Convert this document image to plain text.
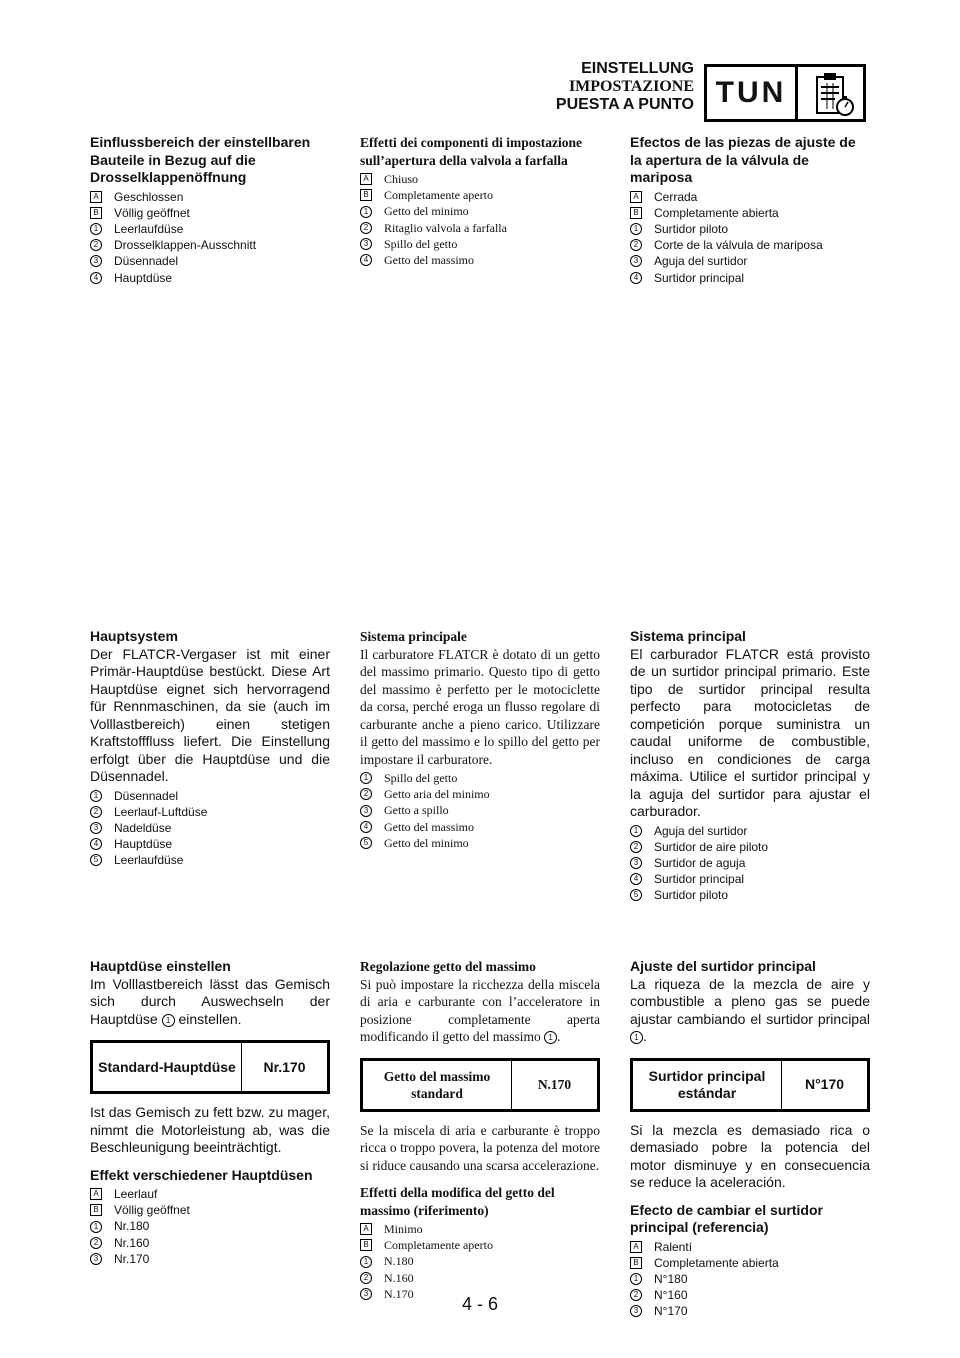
EINSTELLUNG
IMPOSTAZIONE
PUESTA A PUNTO TUN

Einflussbereich der einstellbaren Bauteile in Bezug auf die Drosselklappenöffnung

A Geschlossen
B Völlig geöffnet
1	Leerlaufdüse
2	Drosselklappen-Ausschnitt
3	Düsennadel
4	Hauptdüse

Hauptsystem

Der FLATCR-Vergaser ist mit einer Primär-Hauptdüse bestückt. Diese Art Hauptdüse eignet sich hervorragend für Rennmaschinen, da sie (auch im Volllastbereich) einen stetigen Kraftstofffluss liefert. Die Einstellung erfolgt über die Hauptdüse und die Düsennadel.

1	Düsennadel
2	Leerlauf-Luftdüse
3	Nadeldüse
4	Hauptdüse
5	Leerlaufdüse

Hauptdüse einstellen

Im Volllastbereich lässt das Gemisch sich durch Auswechseln der Hauptdüse 1 einstellen.

Standard-Hauptdüse	Nr.170

Ist das Gemisch zu fett bzw. zu mager, nimmt die Motorleistung ab, was die Beschleunigung beeinträchtigt.

Effekt verschiedener Hauptdüsen

A Leerlauf
B Völlig geöffnet
1	Nr.180
2	Nr.160
3	Nr.170

Effetti dei componenti di impostazione sull’apertura della valvola a farfalla

A Chiuso
B Completamente aperto
1	Getto del minimo
2	Ritaglio valvola a farfalla
3	Spillo del getto
4	Getto del massimo

Sistema principale

Il carburatore FLATCR è dotato di un getto del massimo primario. Questo tipo di getto del massimo è perfetto per le motociclette da corsa, perché eroga un flusso regolare di carburante anche a pieno carico. Utilizzare il getto del massimo e lo spillo del getto per impostare il carburatore.

1	Spillo del getto
2	Getto aria del minimo
3	Getto a spillo
4	Getto del massimo
5	Getto del minimo

Regolazione getto del massimo

Si può impostare la ricchezza della miscela di aria e carburante con l’acceleratore in posizione completamente aperta modificando il getto del massimo 1 .

Getto del massimo standard	N.170

Se la miscela di aria e carburante è troppo ricca o troppo povera, la potenza del motore si riduce causando una scarsa accelerazione.

Effetti della modifica del getto del massimo (riferimento)

A Minimo
B Completamente aperto
1	N.180
2	N.160
3	N.170

Efectos de las piezas de ajuste de la apertura de la válvula de mariposa

A Cerrada
B Completamente abierta
1	Surtidor piloto
2	Corte de la válvula de mariposa
3	Aguja del surtidor
4	Surtidor principal

Sistema principal

El carburador FLATCR está provisto de un surtidor principal primario. Este tipo de surtidor principal resulta perfecto para motocicletas de competición porque suministra un caudal uniforme de combustible, incluso en condiciones de carga máxima. Utilice el surtidor principal y la aguja del surtidor para ajustar el carburador.

1	Aguja del surtidor
2	Surtidor de aire piloto
3	Surtidor de aguja
4	Surtidor principal
5	Surtidor piloto

Ajuste del surtidor principal

La riqueza de la mezcla de aire y combustible a pleno gas se puede ajustar cambiando el surtidor principal 1 .

Surtidor principal estándar	N°170

Si la mezcla es demasiado rica o demasiado pobre la potencia del motor disminuye y en consecuencia se reduce la aceleración.

Efecto de cambiar el surtidor principal (referencia)

A Ralentí
B Completamente abierta
1	N°180
2	N°160
3	N°170
4 - 6
